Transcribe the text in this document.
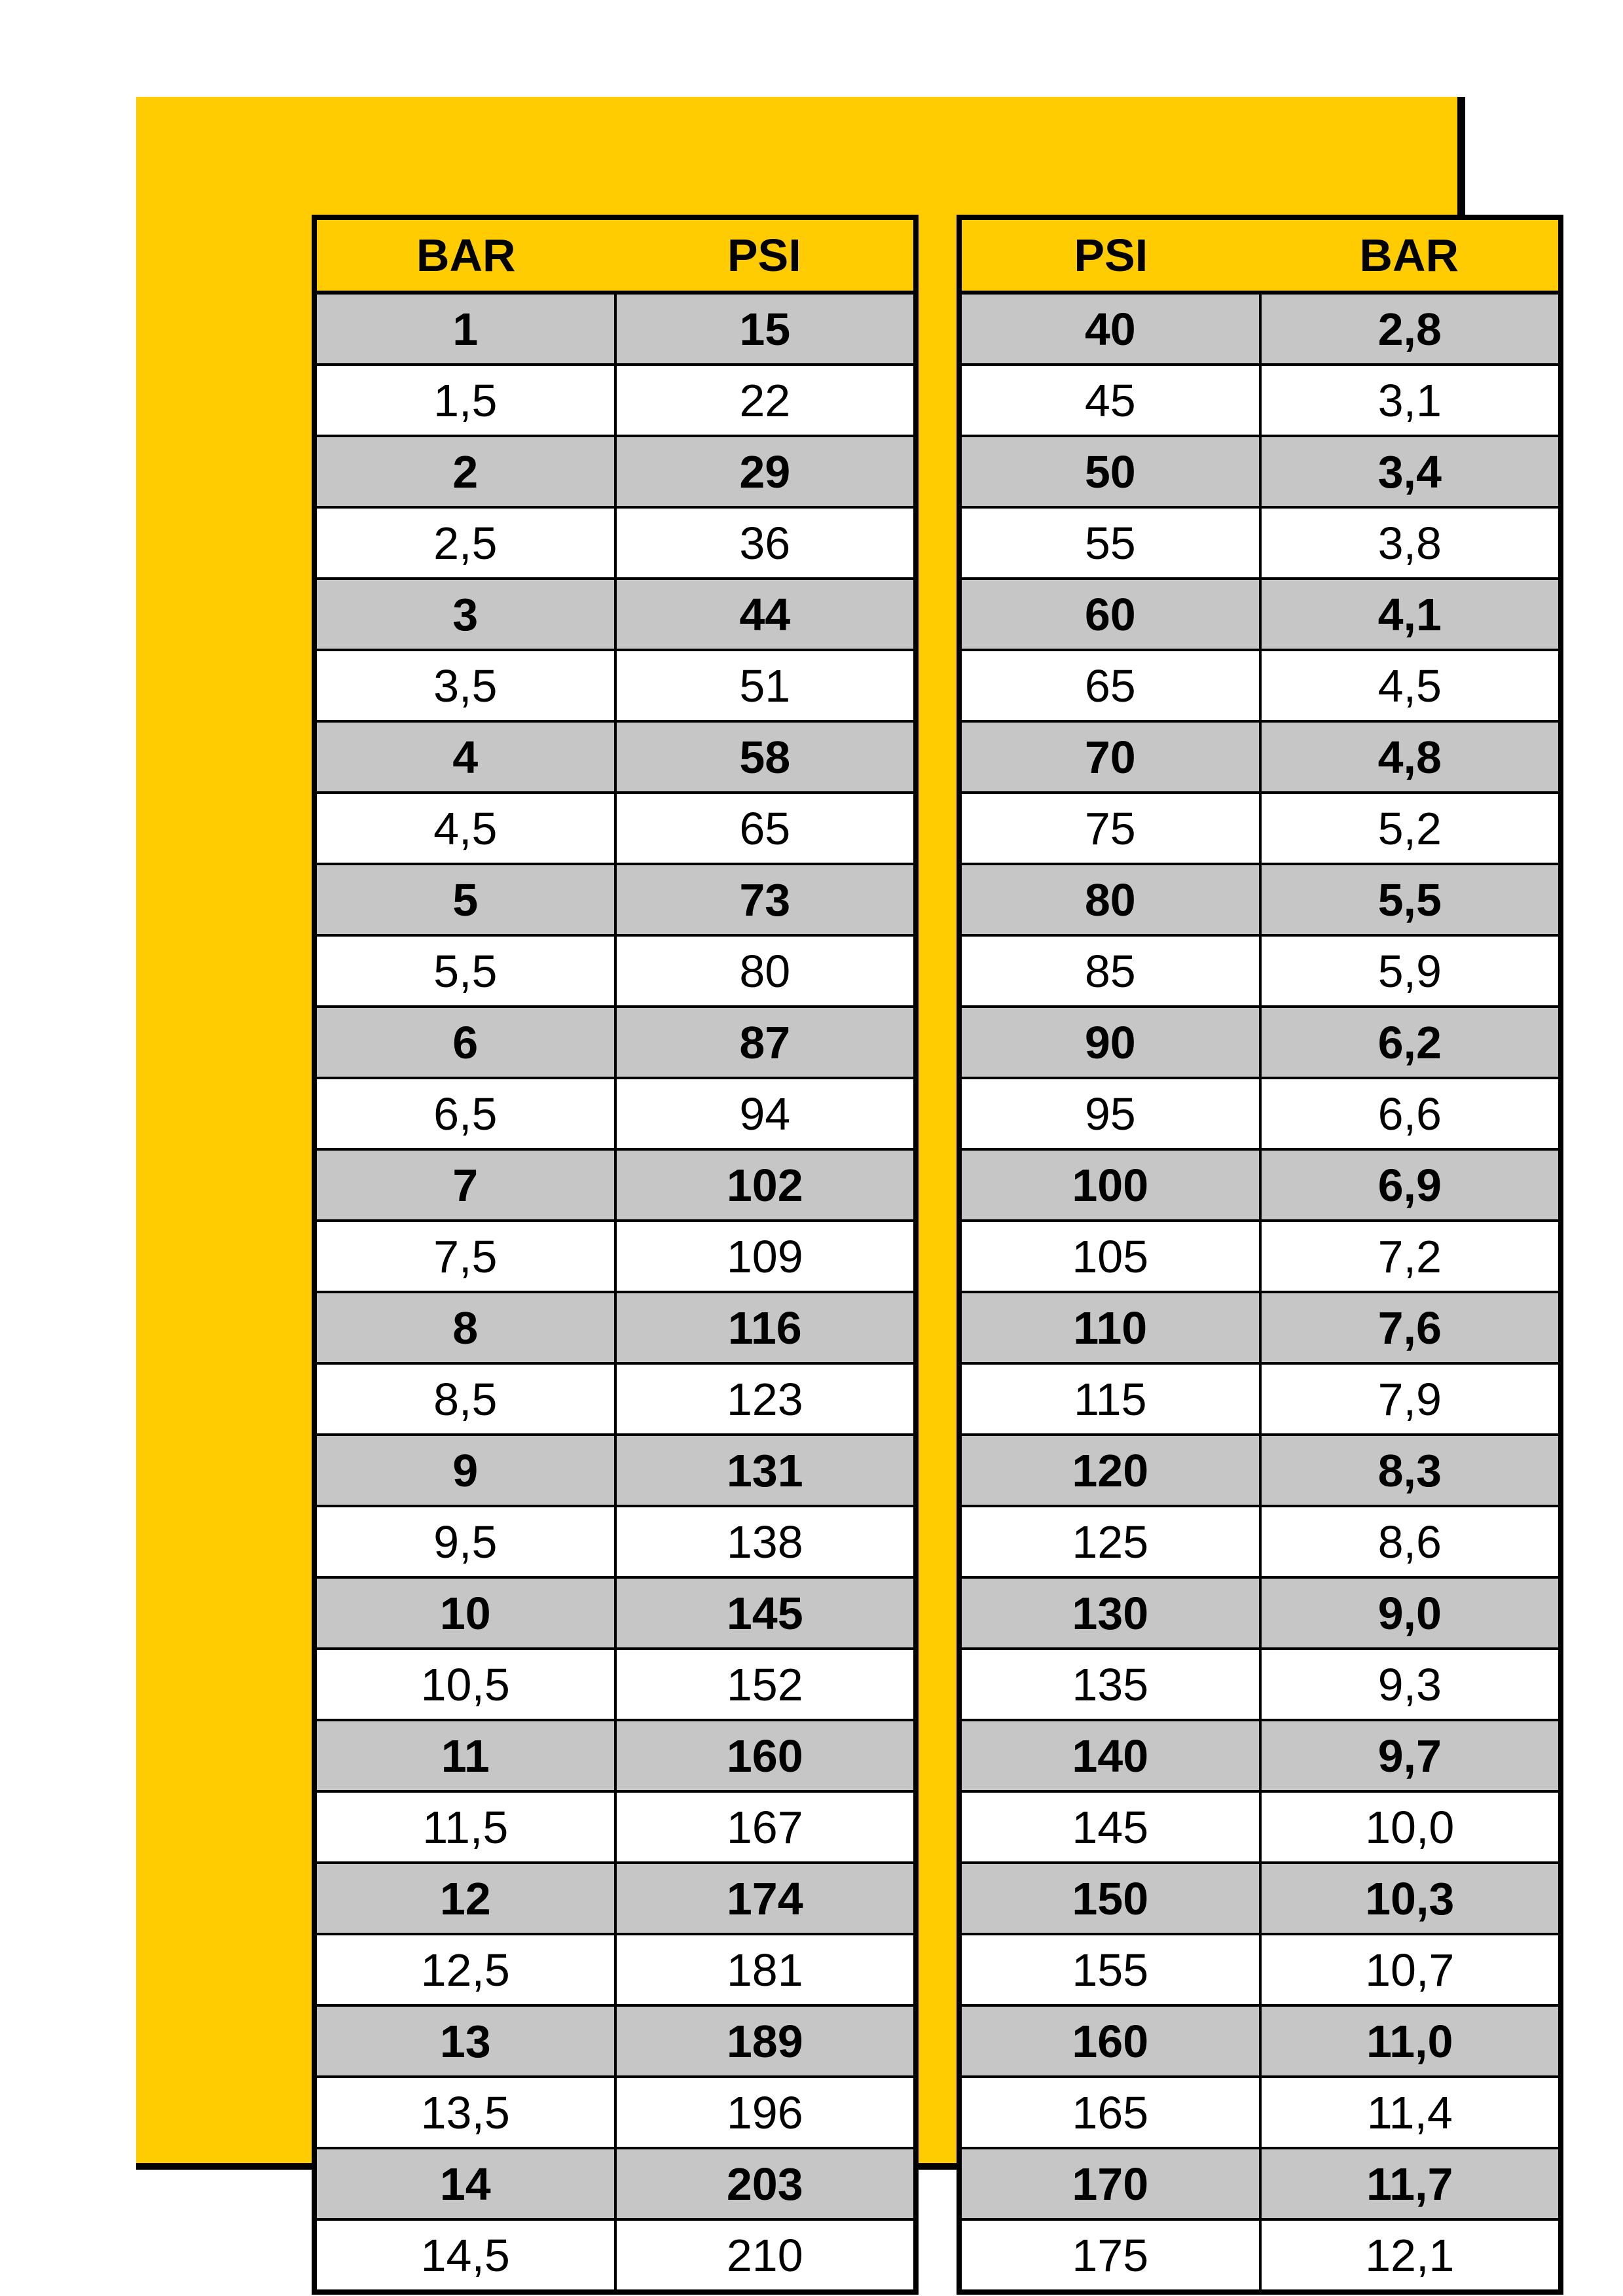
BAR	PSI
1	15
1,5	22
2	29
2,5	36
3	44
3,5	51
4	58
4,5	65
5	73
5,5	80
6	87
6,5	94
7	102
7,5	109
8	116
8,5	123
9	131
9,5	138
10	145
10,5	152
11	160
11,5	167
12	174
12,5	181
13	189
13,5	196
14	203
14,5	210
PSI	BAR
40	2,8
45	3,1
50	3,4
55	3,8
60	4,1
65	4,5
70	4,8
75	5,2
80	5,5
85	5,9
90	6,2
95	6,6
100	6,9
105	7,2
110	7,6
115	7,9
120	8,3
125	8,6
130	9,0
135	9,3
140	9,7
145	10,0
150	10,3
155	10,7
160	11,0
165	11,4
170	11,7
175	12,1
